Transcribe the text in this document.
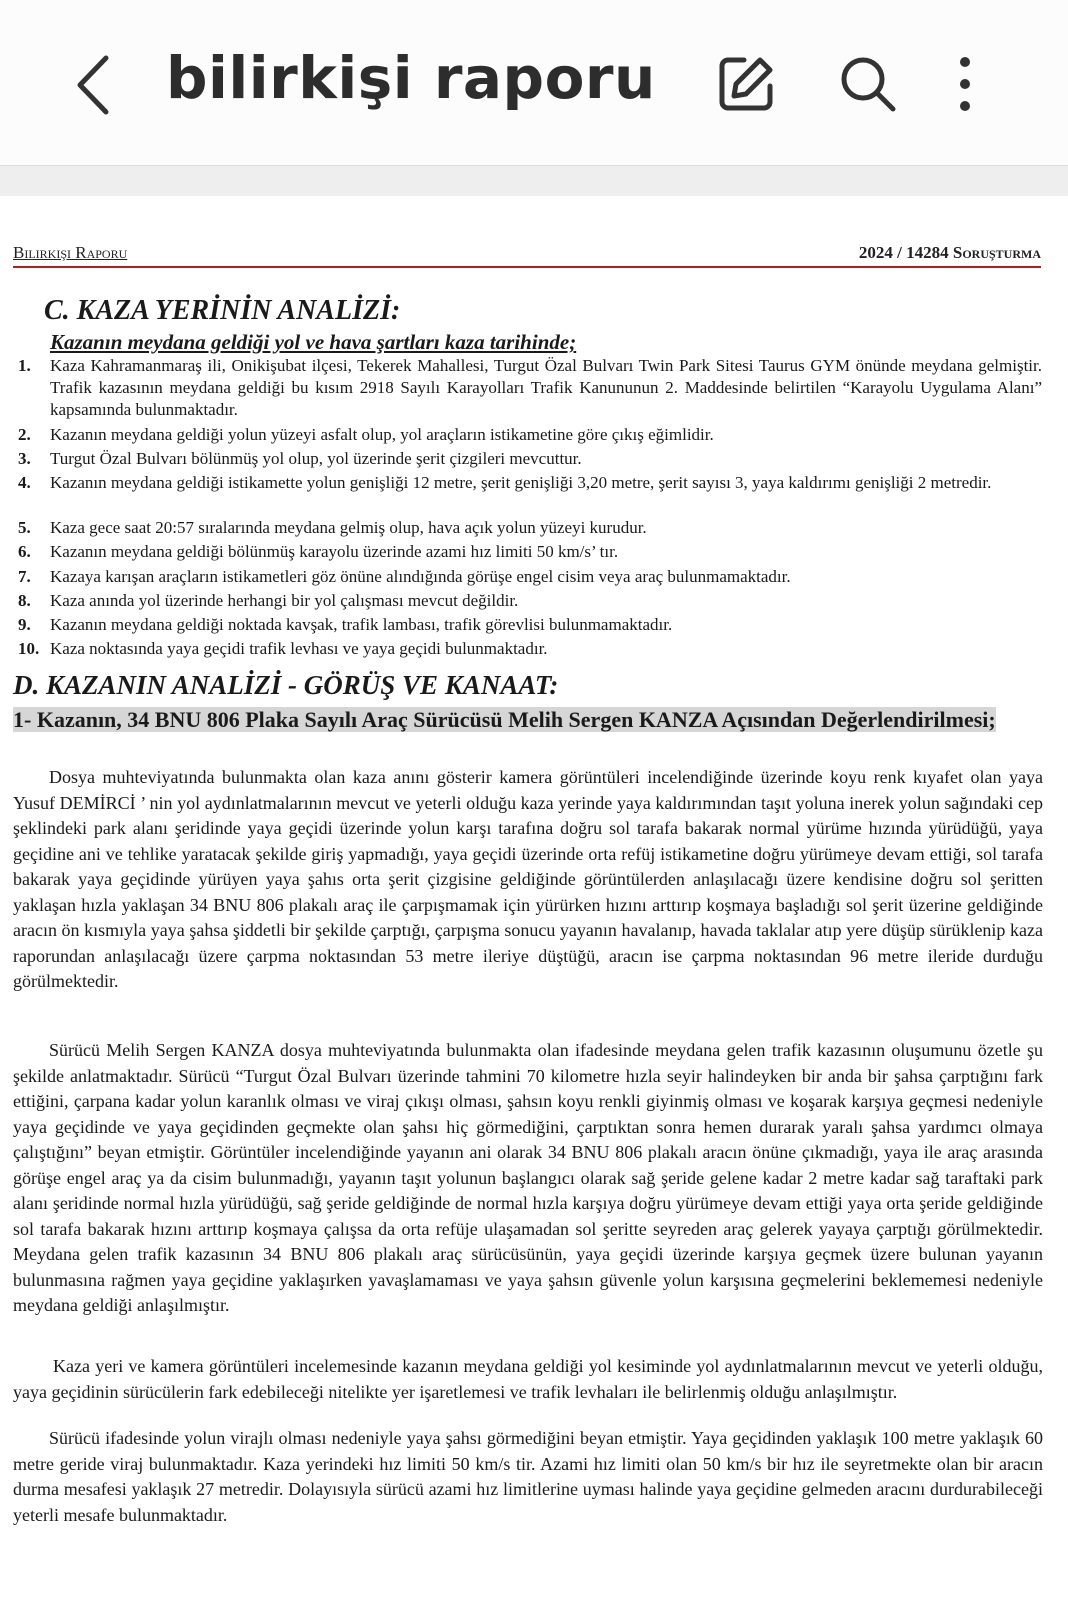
bilirkişi raporu
Bilirkişi Raporu	2024 / 14284 Soruşturma
C. KAZA YERİNİN ANALİZİ:
Kazanın meydana geldiği yol ve hava şartları kaza tarihinde;
1. Kaza Kahramanmaraş ili, Onikişubat ilçesi, Tekerek Mahallesi, Turgut Özal Bulvarı Twin Park Sitesi Taurus GYM önünde meydana gelmiştir. Trafik kazasının meydana geldiği bu kısım 2918 Sayılı Karayolları Trafik Kanununun 2. Maddesinde belirtilen “Karayolu Uygulama Alanı” kapsamında bulunmaktadır.
2. Kazanın meydana geldiği yolun yüzeyi asfalt olup, yol araçların istikametine göre çıkış eğimlidir.
3. Turgut Özal Bulvarı bölünmüş yol olup, yol üzerinde şerit çizgileri mevcuttur.
4. Kazanın meydana geldiği istikamette yolun genişliği 12 metre, şerit genişliği 3,20 metre, şerit sayısı 3, yaya kaldırımı genişliği 2 metredir.
5. Kaza gece saat 20:57 sıralarında meydana gelmiş olup, hava açık yolun yüzeyi kurudur.
6. Kazanın meydana geldiği bölünmüş karayolu üzerinde azami hız limiti 50 km/s’ tır.
7. Kazaya karışan araçların istikametleri göz önüne alındığında görüşe engel cisim veya araç bulunmamaktadır.
8. Kaza anında yol üzerinde herhangi bir yol çalışması mevcut değildir.
9. Kazanın meydana geldiği noktada kavşak, trafik lambası, trafik görevlisi bulunmamaktadır.
10. Kaza noktasında yaya geçidi trafik levhası ve yaya geçidi bulunmaktadır.
D. KAZANIN ANALİZİ - GÖRÜŞ VE KANAAT:
1- Kazanın, 34 BNU 806 Plaka Sayılı Araç Sürücüsü Melih Sergen KANZA Açısından Değerlendirilmesi;
Dosya muhteviyatında bulunmakta olan kaza anını gösterir kamera görüntüleri incelendiğinde üzerinde koyu renk kıyafet olan yaya Yusuf DEMİRCİ ’ nin yol aydınlatmalarının mevcut ve yeterli olduğu kaza yerinde yaya kaldırımından taşıt yoluna inerek yolun sağındaki cep şeklindeki park alanı şeridinde yaya geçidi üzerinde yolun karşı tarafına doğru sol tarafa bakarak normal yürüme hızında yürüdüğü, yaya geçidine ani ve tehlike yaratacak şekilde giriş yapmadığı, yaya geçidi üzerinde orta refüj istikametine doğru yürümeye devam ettiği, sol tarafa bakarak yaya geçidinde yürüyen yaya şahıs orta şerit çizgisine geldiğinde görüntülerden anlaşılacağı üzere kendisine doğru sol şeritten yaklaşan hızla yaklaşan 34 BNU 806 plakalı araç ile çarpışmamak için yürürken hızını arttırıp koşmaya başladığı sol şerit üzerine geldiğinde aracın ön kısmıyla yaya şahsa şiddetli bir şekilde çarptığı, çarpışma sonucu yayanın havalanıp, havada taklalar atıp yere düşüp sürüklenip kaza raporundan anlaşılacağı üzere çarpma noktasından 53 metre ileriye düştüğü, aracın ise çarpma noktasından 96 metre ileride durduğu görülmektedir.
Sürücü Melih Sergen KANZA dosya muhteviyatında bulunmakta olan ifadesinde meydana gelen trafik kazasının oluşumunu özetle şu şekilde anlatmaktadır. Sürücü “Turgut Özal Bulvarı üzerinde tahmini 70 kilometre hızla seyir halindeyken bir anda bir şahsa çarptığını fark ettiğini, çarpana kadar yolun karanlık olması ve viraj çıkışı olması, şahsın koyu renkli giyinmiş olması ve koşarak karşıya geçmesi nedeniyle yaya geçidinde ve yaya geçidinden geçmekte olan şahsı hiç görmediğini, çarptıktan sonra hemen durarak yaralı şahsa yardımcı olmaya çalıştığını” beyan etmiştir. Görüntüler incelendiğinde yayanın ani olarak 34 BNU 806 plakalı aracın önüne çıkmadığı, yaya ile araç arasında görüşe engel araç ya da cisim bulunmadığı, yayanın taşıt yolunun başlangıcı olarak sağ şeride gelene kadar 2 metre kadar sağ taraftaki park alanı şeridinde normal hızla yürüdüğü, sağ şeride geldiğinde de normal hızla karşıya doğru yürümeye devam ettiği yaya orta şeride geldiğinde sol tarafa bakarak hızını arttırıp koşmaya çalışsa da orta refüje ulaşamadan sol şeritte seyreden araç gelerek yayaya çarptığı görülmektedir. Meydana gelen trafik kazasının 34 BNU 806 plakalı araç sürücüsünün, yaya geçidi üzerinde karşıya geçmek üzere bulunan yayanın bulunmasına rağmen yaya geçidine yaklaşırken yavaşlamaması ve yaya şahsın güvenle yolun karşısına geçmelerini beklememesi nedeniyle meydana geldiği anlaşılmıştır.
Kaza yeri ve kamera görüntüleri incelemesinde kazanın meydana geldiği yol kesiminde yol aydınlatmalarının mevcut ve yeterli olduğu, yaya geçidinin sürücülerin fark edebileceği nitelikte yer işaretlemesi ve trafik levhaları ile belirlenmiş olduğu anlaşılmıştır.
Sürücü ifadesinde yolun virajlı olması nedeniyle yaya şahsı görmediğini beyan etmiştir. Yaya geçidinden yaklaşık 100 metre yaklaşık 60 metre geride viraj bulunmaktadır. Kaza yerindeki hız limiti 50 km/s tir. Azami hız limiti olan 50 km/s bir hız ile seyretmekte olan bir aracın durma mesafesi yaklaşık 27 metredir. Dolayısıyla sürücü azami hız limitlerine uyması halinde yaya geçidine gelmeden aracını durdurabileceği yeterli mesafe bulunmaktadır.
